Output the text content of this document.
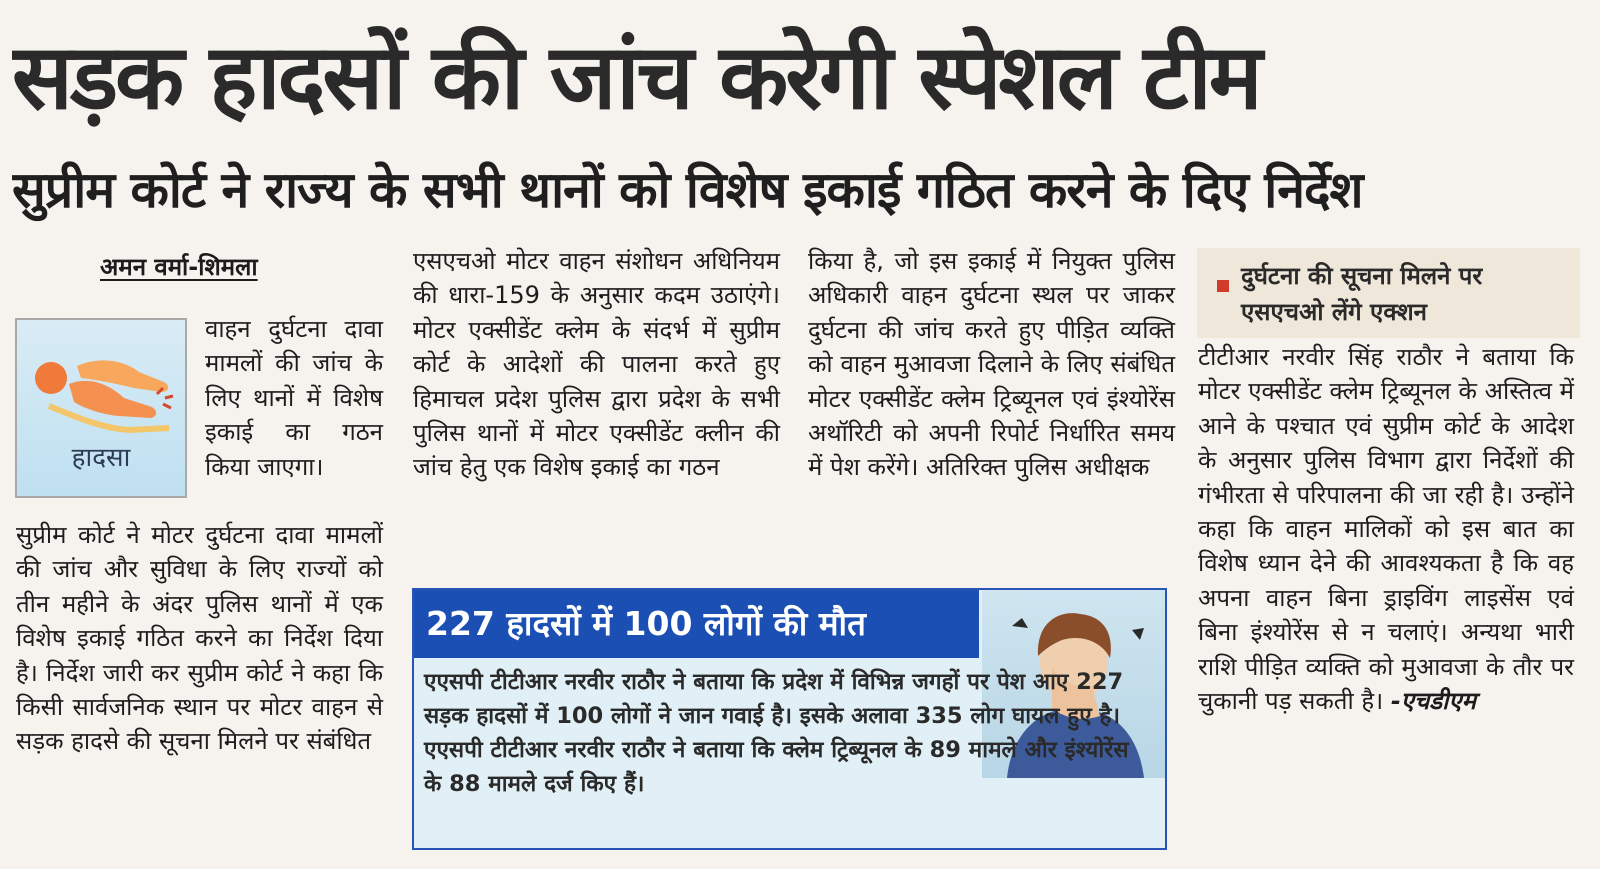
सड़क हादसों की जांच करेगी स्पेशल टीम
सुप्रीम कोर्ट ने राज्य के सभी थानों को विशेष इकाई गठित करने के दिए निर्देश
अमन वर्मा-शिमला
हादसा

वाहन दुर्घटना दावा मामलों की जांच के लिए थानों में विशेष इकाई का गठन किया जाएगा।

सुप्रीम कोर्ट ने मोटर दुर्घटना दावा मामलों की जांच और सुविधा के लिए राज्यों को तीन महीने के अंदर पुलिस थानों में एक विशेष इकाई गठित करने का निर्देश दिया है। निर्देश जारी कर सुप्रीम कोर्ट ने कहा कि किसी सार्वजनिक स्थान पर मोटर वाहन से सड़क हादसे की सूचना मिलने पर संबंधित

एसएचओ मोटर वाहन संशोधन अधिनियम की धारा-159 के अनुसार कदम उठाएंगे। मोटर एक्सीडेंट क्लेम के संदर्भ में सुप्रीम कोर्ट के आदेशों की पालना करते हुए हिमाचल प्रदेश पुलिस द्वारा प्रदेश के सभी पुलिस थानों में मोटर एक्सीडेंट क्लीन की जांच हेतु एक विशेष इकाई का गठन

किया है, जो इस इकाई में नियुक्त पुलिस अधिकारी वाहन दुर्घटना स्थल पर जाकर दुर्घटना की जांच करते हुए पीड़ित व्यक्ति को वाहन मुआवजा दिलाने के लिए संबंधित मोटर एक्सीडेंट क्लेम ट्रिब्यूनल एवं इंश्योरेंस अथॉरिटी को अपनी रिपोर्ट निर्धारित समय में पेश करेंगे। अतिरिक्त पुलिस अधीक्षक

दुर्घटना की सूचना मिलने पर एसएचओ लेंगे एक्शन

टीटीआर नरवीर सिंह राठौर ने बताया कि मोटर एक्सीडेंट क्लेम ट्रिब्यूनल के अस्तित्व में आने के पश्चात एवं सुप्रीम कोर्ट के आदेश के अनुसार पुलिस विभाग द्वारा निर्देशों की गंभीरता से परिपालना की जा रही है। उन्होंने कहा कि वाहन मालिकों को इस बात का विशेष ध्यान देने की आवश्यकता है कि वह अपना वाहन बिना ड्राइविंग लाइसेंस एवं बिना इंश्योरेंस से न चलाएं। अन्यथा भारी राशि पीड़ित व्यक्ति को मुआवजा के तौर पर चुकानी पड़ सकती है। -एचडीएम

227 हादसों में 100 लोगों की मौत
एएसपी टीटीआर नरवीर राठौर ने बताया कि प्रदेश में विभिन्न जगहों पर पेश आए 227 सड़क हादसों में 100 लोगों ने जान गवाई है। इसके अलावा 335 लोग घायल हुए है। एएसपी टीटीआर नरवीर राठौर ने बताया कि क्लेम ट्रिब्यूनल के 89 मामले और इंश्योरेंस के 88 मामले दर्ज किए हैं।
